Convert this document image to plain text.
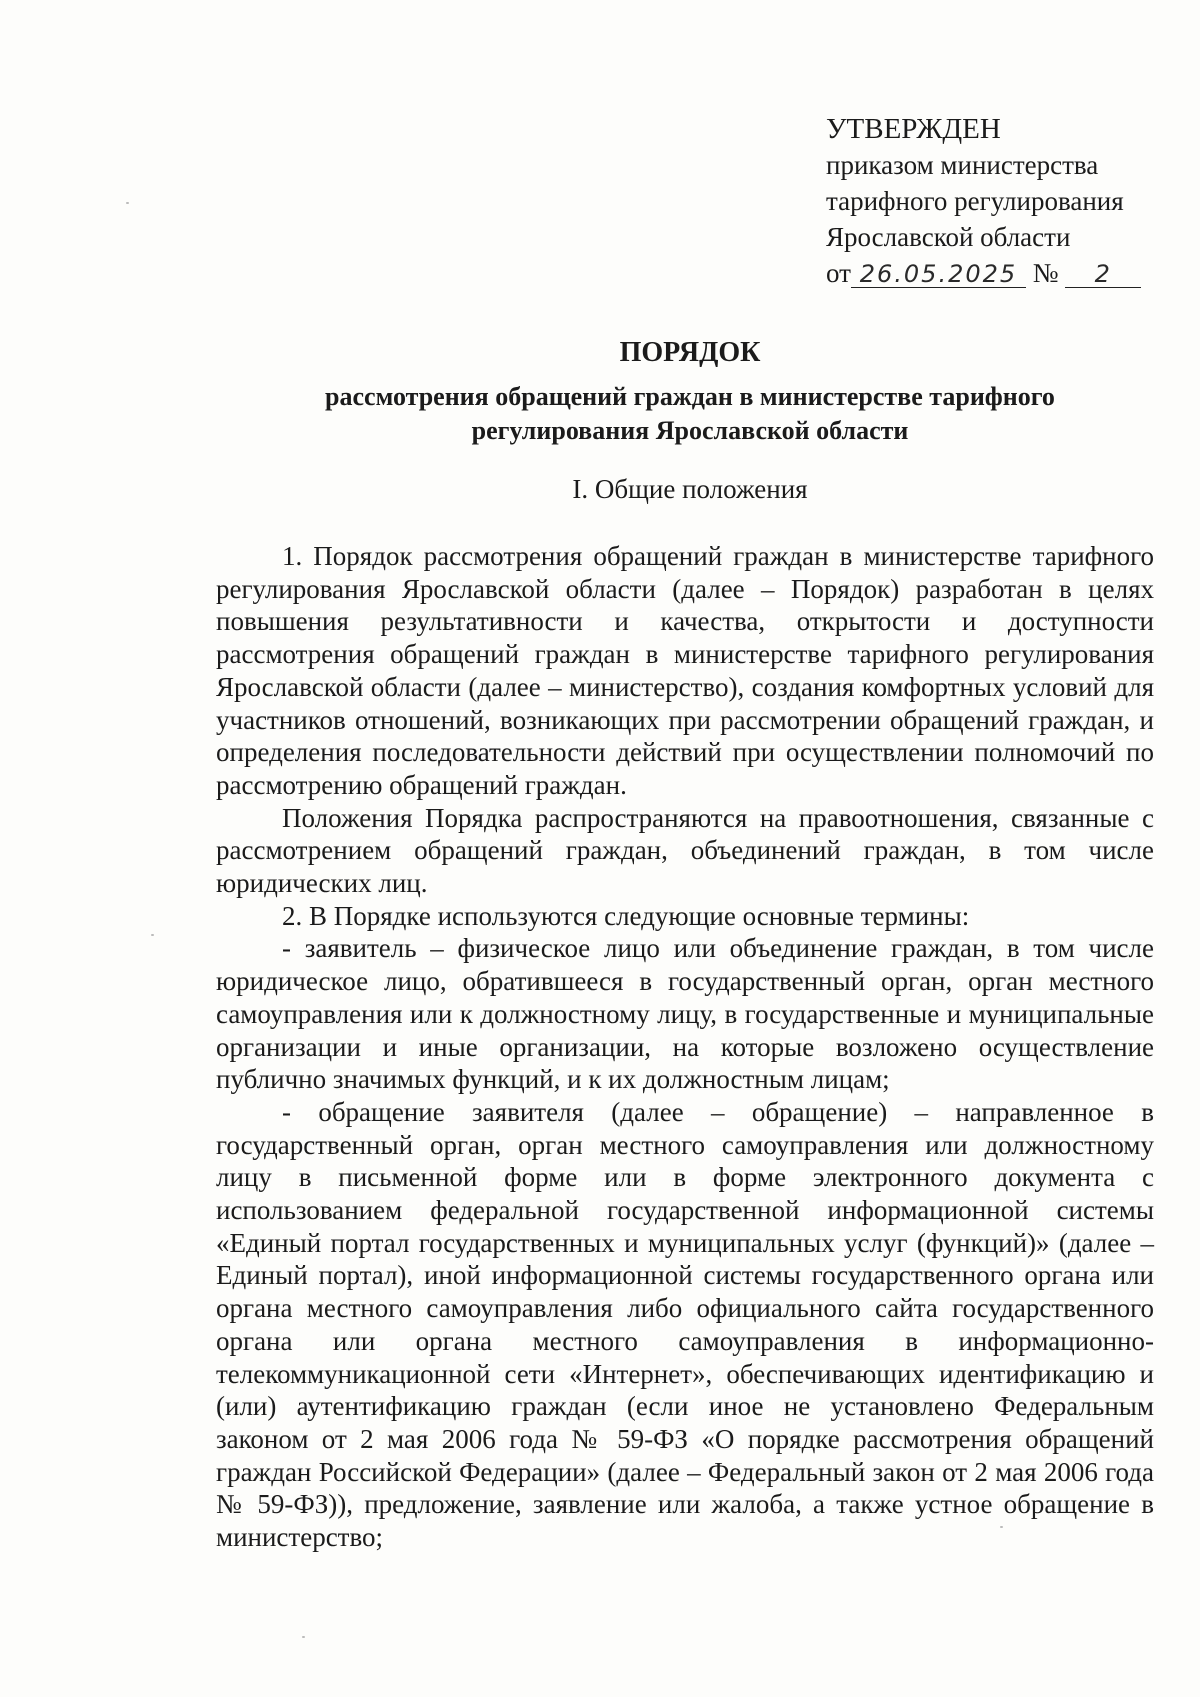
УТВЕРЖДЕН
приказом министерства
тарифного регулирования
Ярославской области
от 26.05.2025 № 2
ПОРЯДОК
рассмотрения обращений граждан в министерстве тарифного
регулирования Ярославской области
I. Общие положения

1. Порядок рассмотрения обращений граждан в министерстве тарифного регулирования Ярославской области (далее – Порядок) разработан в целях повышения результативности и качества, открытости и доступности рассмотрения обращений граждан в министерстве тарифного регулирования Ярославской области (далее – министерство), создания комфортных условий для участников отношений, возникающих при рассмотрении обращений граждан, и определения последовательности действий при осуществлении полномочий по рассмотрению обращений граждан.

Положения Порядка распространяются на правоотношения, связанные с рассмотрением обращений граждан, объединений граждан, в том числе юридических лиц.

2. В Порядке используются следующие основные термины:

- заявитель – физическое лицо или объединение граждан, в том числе юридическое лицо, обратившееся в государственный орган, орган местного самоуправления или к должностному лицу, в государственные и муниципальные организации и иные организации, на которые возложено осуществление публично значимых функций, и к их должностным лицам;

- обращение заявителя (далее – обращение) – направленное в государственный орган, орган местного самоуправления или должностному лицу в письменной форме или в форме электронного документа с использованием федеральной государственной информационной системы «Единый портал государственных и муниципальных услуг (функций)» (далее – Единый портал), иной информационной системы государственного органа или органа местного самоуправления либо официального сайта государственного органа или органа местного самоуправления в информационно-телекоммуникационной сети «Интернет», обеспечивающих идентификацию и (или) аутентификацию граждан (если иное не установлено Федеральным законом от 2 мая 2006 года № 59-ФЗ «О порядке рассмотрения обращений граждан Российской Федерации» (далее – Федеральный закон от 2 мая 2006 года № 59-ФЗ)), предложение, заявление или жалоба, а также устное обращение в министерство;
